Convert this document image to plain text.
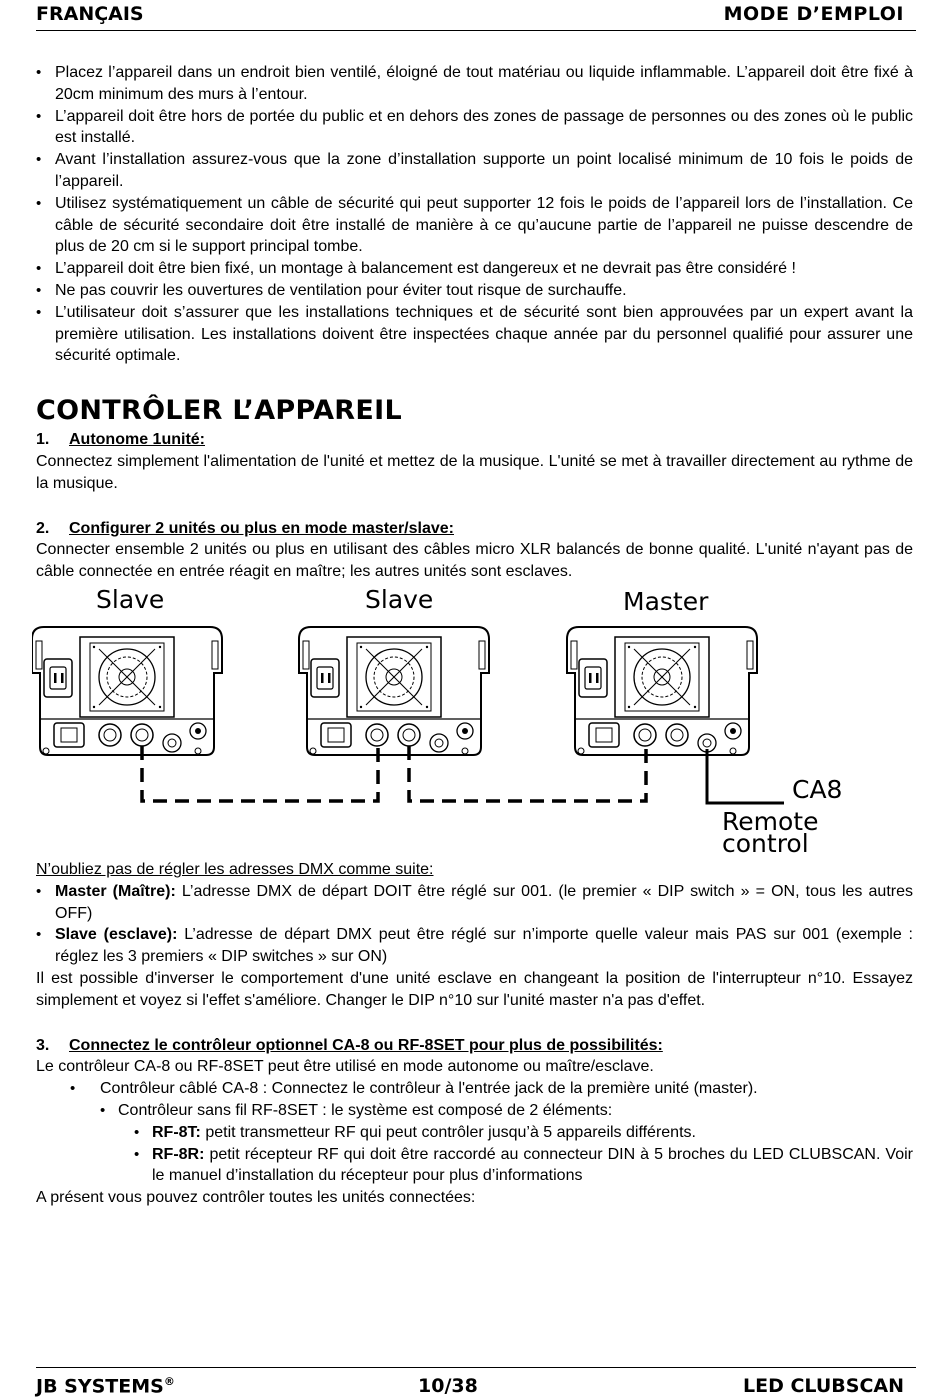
FRANÇAIS	MODE D’EMPLOI
• Placez l’appareil dans un endroit bien ventilé, éloigné de tout matériau ou liquide inflammable. L’appareil doit être fixé à 20cm minimum des murs à l’entour.
• L’appareil doit être hors de portée du public et en dehors des zones de passage de personnes ou des zones où le public est installé.
• Avant l’installation assurez-vous que la zone d’installation supporte un point localisé minimum de 10 fois le poids de l’appareil.
• Utilisez systématiquement un câble de sécurité qui peut supporter 12 fois le poids de l’appareil lors de l’installation. Ce câble de sécurité secondaire doit être installé de manière à ce qu’aucune partie de l’appareil ne puisse descendre de plus de 20 cm si le support principal tombe.
• L’appareil doit être bien fixé, un montage à balancement est dangereux et ne devrait pas être considéré !
• Ne pas couvrir les ouvertures de ventilation pour éviter tout risque de surchauffe.
• L’utilisateur doit s’assurer que les installations techniques et de sécurité sont bien approuvées par un expert avant la première utilisation. Les installations doivent être inspectées chaque année par du personnel qualifié pour assurer une sécurité optimale.
CONTRÔLER L’APPAREIL
1. Autonome 1unité:

Connectez simplement l'alimentation de l'unité et mettez de la musique. L'unité se met à travailler directement au rythme de la musique.

2. Configurer 2 unités ou plus en mode master/slave:

Connecter ensemble 2 unités ou plus en utilisant des câbles micro XLR balancés de bonne qualité. L'unité n'ayant pas de câble connectée en entrée réagit en maître; les autres unités sont esclaves.

Slave	Slave	Master
CA8
Remote control

N’oubliez pas de régler les adresses DMX comme suite:

• Master (Maître): L’adresse DMX de départ DOIT être réglé sur 001. (le premier « DIP switch » = ON, tous les autres OFF)
• Slave (esclave): L’adresse de départ DMX peut être réglé sur n’importe quelle valeur mais PAS sur 001 (exemple : réglez les 3 premiers « DIP switches » sur ON)

Il est possible d'inverser le comportement d'une unité esclave en changeant la position de l'interrupteur n°10. Essayez simplement et voyez si l'effet s'améliore. Changer le DIP n°10 sur l'unité master n'a pas d'effet.

3. Connectez le contrôleur optionnel CA-8 ou RF-8SET pour plus de possibilités:

Le contrôleur CA-8 ou RF-8SET peut être utilisé en mode autonome ou maître/esclave.

• Contrôleur câblé CA-8 : Connectez le contrôleur à l'entrée jack de la première unité (master).
• Contrôleur sans fil RF-8SET : le système est composé de 2 éléments:
• RF-8T: petit transmetteur RF qui peut contrôler jusqu’à 5 appareils différents.
• RF-8R: petit récepteur RF qui doit être raccordé au connecteur DIN à 5 broches du LED CLUBSCAN. Voir le manuel d’installation du récepteur pour plus d’informations

A présent vous pouvez contrôler toutes les unités connectées:

JB SYSTEMS®	10/38	LED CLUBSCAN
